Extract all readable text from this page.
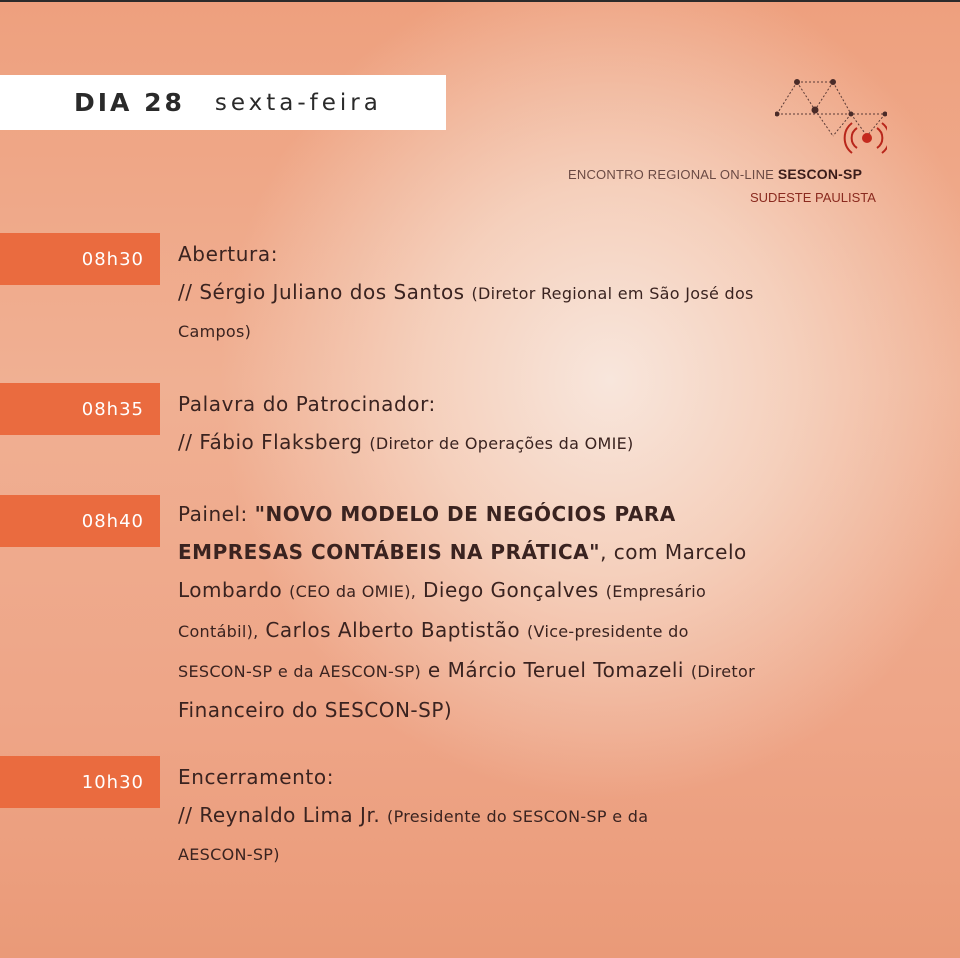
DIA 28 sexta-feira
ENCONTRO REGIONAL ON-LINE SESCON-SP
SUDESTE PAULISTA
08h30	Abertura:
// Sérgio Juliano dos Santos (Diretor Regional em São José dos
Campos)
08h35	Palavra do Patrocinador:
// Fábio Flaksberg (Diretor de Operações da OMIE)
08h40	Painel: "NOVO MODELO DE NEGÓCIOS PARA

EMPRESAS CONTÁBEIS NA PRÁTICA", com Marcelo

Lombardo (CEO da OMIE), Diego Gonçalves (Empresário

Contábil), Carlos Alberto Baptistão (Vice-presidente do

SESCON-SP e da AESCON-SP) e Márcio Teruel Tomazeli (Diretor

Financeiro do SESCON-SP)

10h30	Encerramento:
// Reynaldo Lima Jr. (Presidente do SESCON-SP e da
AESCON-SP)
